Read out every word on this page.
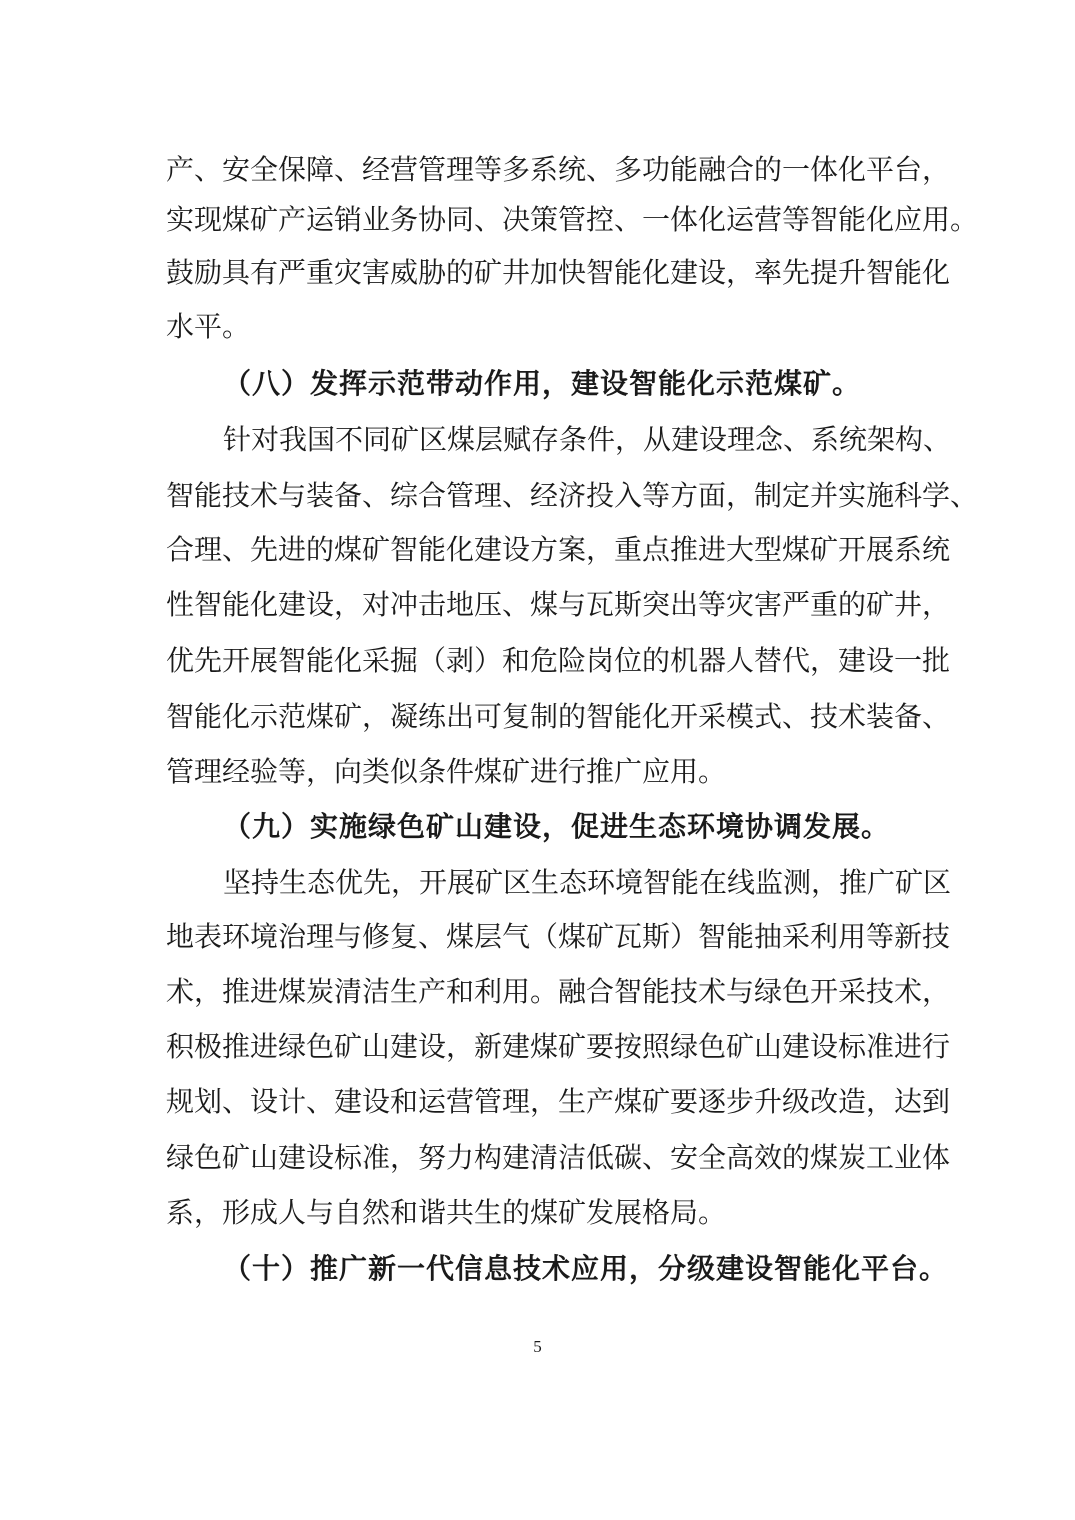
产、安全保障、经营管理等多系统、多功能融合的一体化平台，
实现煤矿产运销业务协同、决策管控、一体化运营等智能化应用。
鼓励具有严重灾害威胁的矿井加快智能化建设，率先提升智能化
水平。
（八）发挥示范带动作用，建设智能化示范煤矿。
针对我国不同矿区煤层赋存条件，从建设理念、系统架构、
智能技术与装备、综合管理、经济投入等方面，制定并实施科学、
合理、先进的煤矿智能化建设方案，重点推进大型煤矿开展系统
性智能化建设，对冲击地压、煤与瓦斯突出等灾害严重的矿井，
优先开展智能化采掘（剥）和危险岗位的机器人替代，建设一批
智能化示范煤矿，凝练出可复制的智能化开采模式、技术装备、
管理经验等，向类似条件煤矿进行推广应用。
（九）实施绿色矿山建设，促进生态环境协调发展。
坚持生态优先，开展矿区生态环境智能在线监测，推广矿区
地表环境治理与修复、煤层气（煤矿瓦斯）智能抽采利用等新技
术，推进煤炭清洁生产和利用。融合智能技术与绿色开采技术，
积极推进绿色矿山建设，新建煤矿要按照绿色矿山建设标准进行
规划、设计、建设和运营管理，生产煤矿要逐步升级改造，达到
绿色矿山建设标准，努力构建清洁低碳、安全高效的煤炭工业体
系，形成人与自然和谐共生的煤矿发展格局。
（十）推广新一代信息技术应用，分级建设智能化平台。
5
